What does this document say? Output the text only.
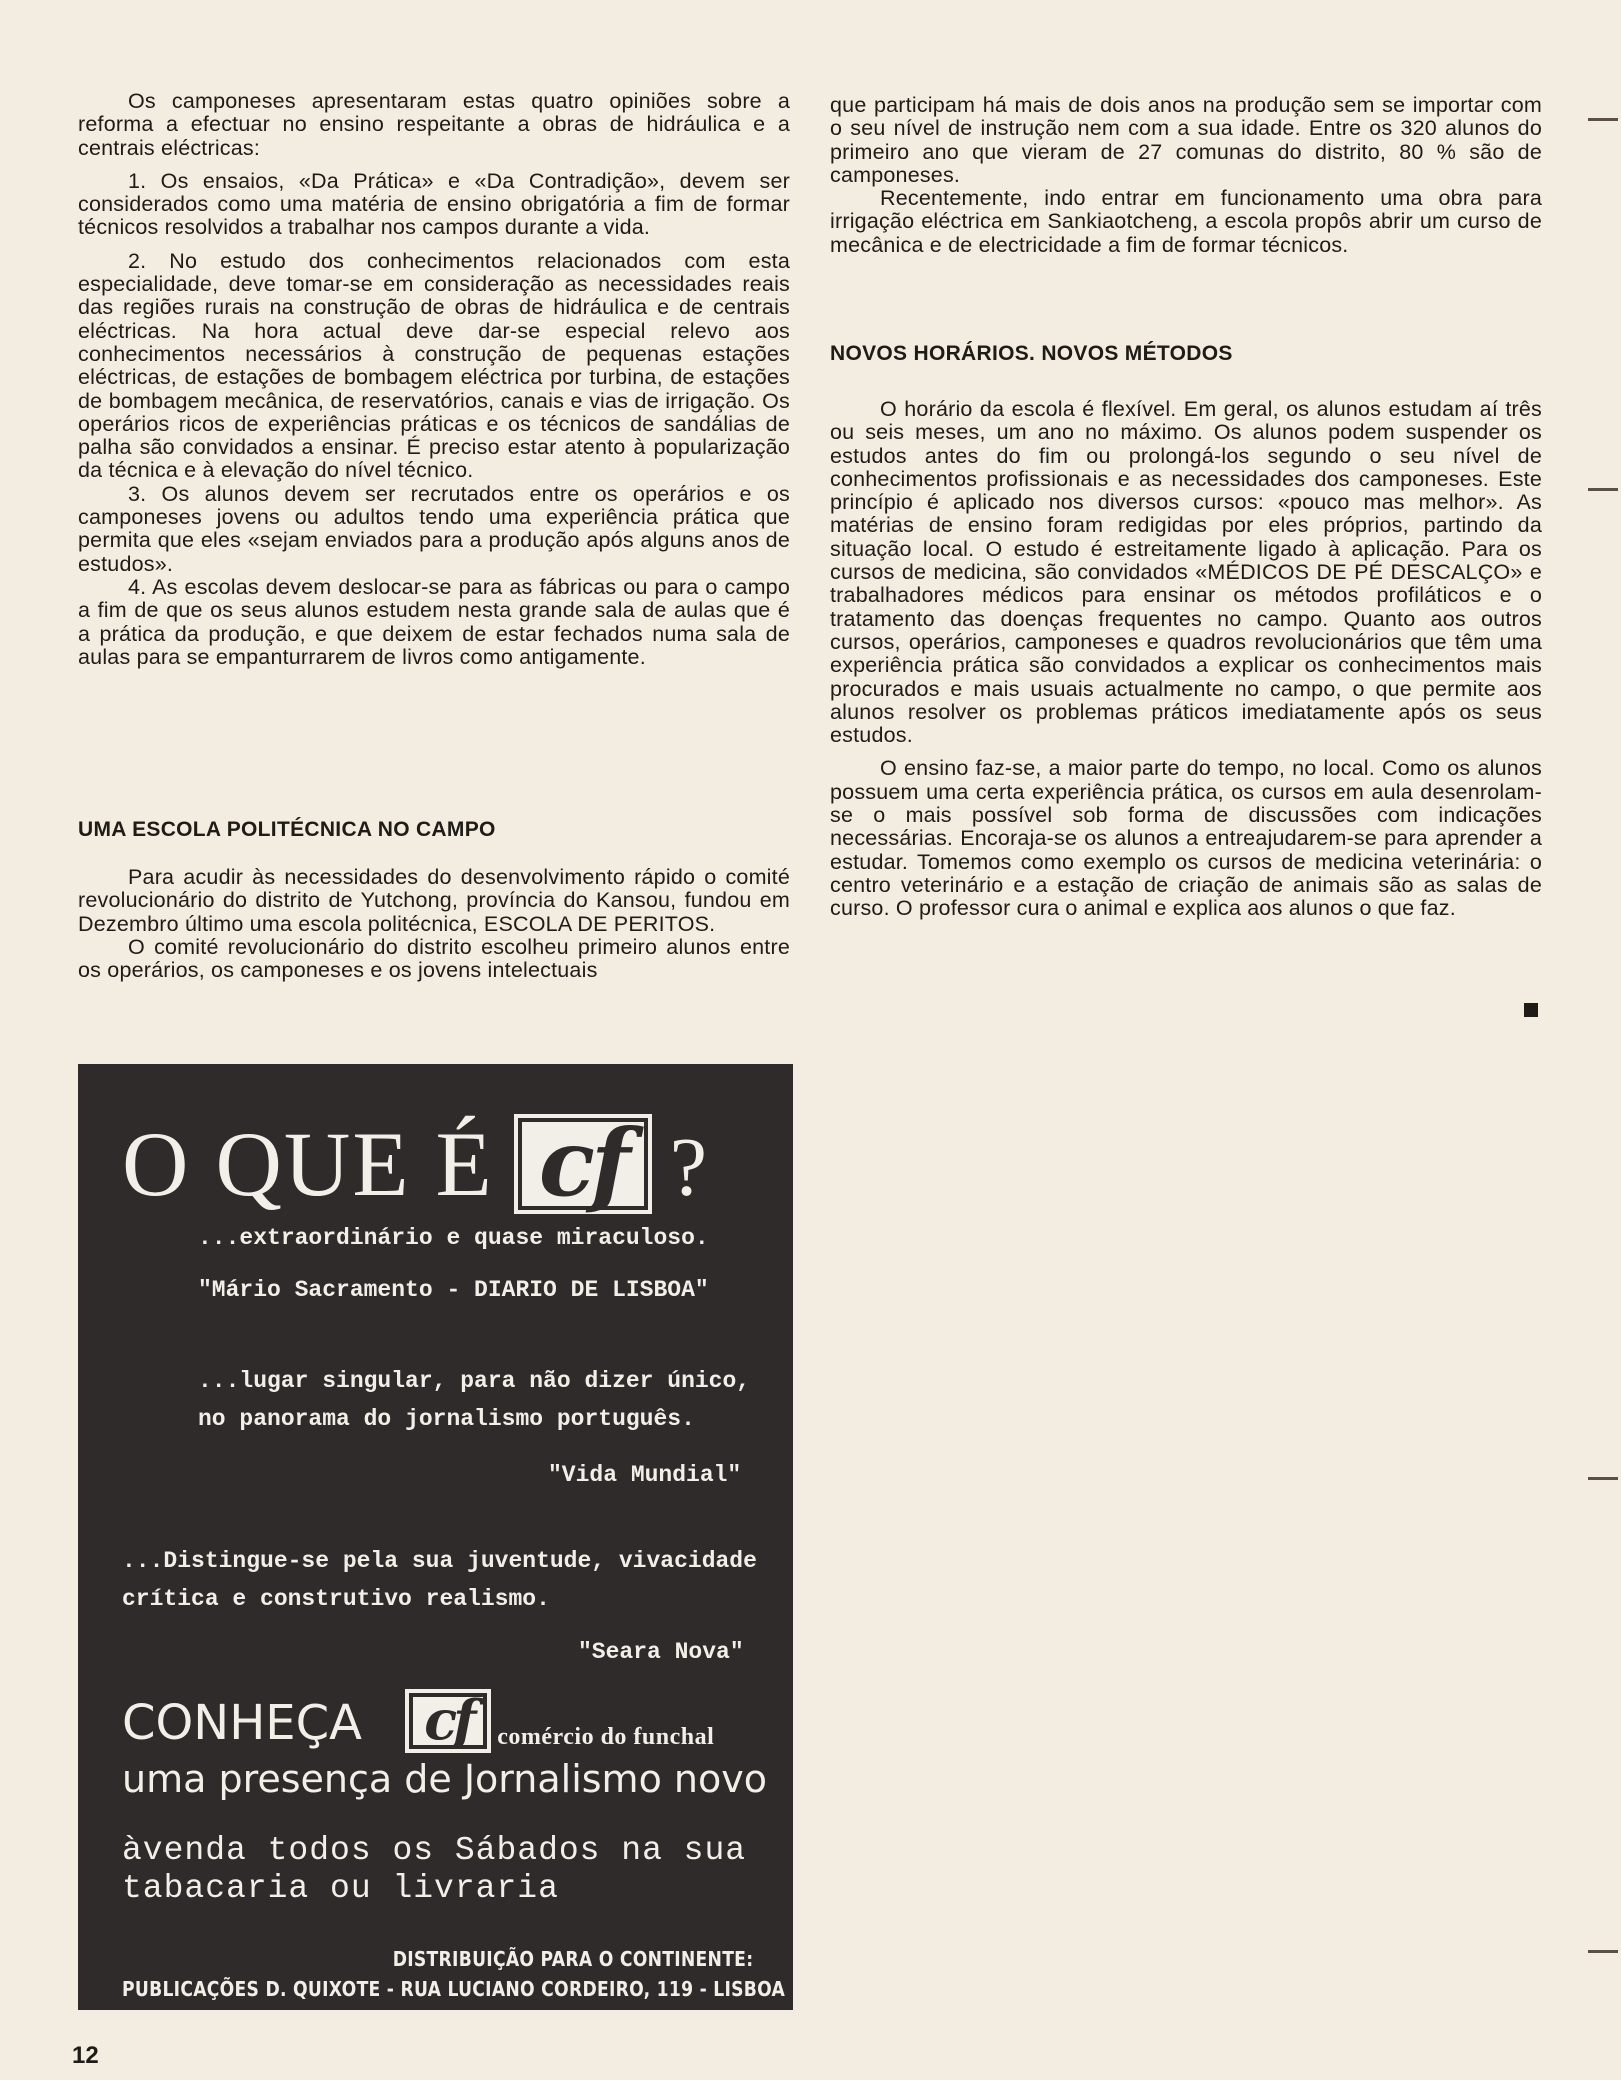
Os camponeses apresentaram estas quatro opiniões sobre a reforma a efectuar no ensino respeitante a obras de hidráulica e a centrais eléctricas:

1. Os ensaios, «Da Prática» e «Da Contradição», devem ser considerados como uma matéria de ensino obrigatória a fim de formar técnicos resolvidos a trabalhar nos campos durante a vida.

2. No estudo dos conhecimentos relacionados com esta especialidade, deve tomar-se em consideração as necessidades reais das regiões rurais na construção de obras de hidráulica e de centrais eléctricas. Na hora actual deve dar-se especial relevo aos conhecimentos necessários à construção de pequenas estações eléctricas, de estações de bombagem eléctrica por turbina, de estações de bombagem mecânica, de reservatórios, canais e vias de irrigação. Os operários ricos de experiências práticas e os técnicos de sandálias de palha são convidados a ensinar. É preciso estar atento à popularização da técnica e à elevação do nível técnico.

3. Os alunos devem ser recrutados entre os operários e os camponeses jovens ou adultos tendo uma experiência prática que permita que eles «sejam enviados para a produção após alguns anos de estudos».

4. As escolas devem deslocar-se para as fábricas ou para o campo a fim de que os seus alunos estudem nesta grande sala de aulas que é a prática da produção, e que deixem de estar fechados numa sala de aulas para se empanturrarem de livros como antigamente.

UMA ESCOLA POLITÉCNICA NO CAMPO

Para acudir às necessidades do desenvolvimento rápido o comité revolucionário do distrito de Yutchong, província do Kansou, fundou em Dezembro último uma escola politécnica, ESCOLA DE PERITOS.

O comité revolucionário do distrito escolheu primeiro alunos entre os operários, os camponeses e os jovens intelectuais

que participam há mais de dois anos na produção sem se importar com o seu nível de instrução nem com a sua idade. Entre os 320 alunos do primeiro ano que vieram de 27 comunas do distrito, 80 % são de camponeses.

Recentemente, indo entrar em funcionamento uma obra para irrigação eléctrica em Sankiaotcheng, a escola propôs abrir um curso de mecânica e de electricidade a fim de formar técnicos.

NOVOS HORÁRIOS. NOVOS MÉTODOS

O horário da escola é flexível. Em geral, os alunos estudam aí três ou seis meses, um ano no máximo. Os alunos podem suspender os estudos antes do fim ou prolongá-los segundo o seu nível de conhecimentos profissionais e as necessidades dos camponeses. Este princípio é aplicado nos diversos cursos: «pouco mas melhor». As matérias de ensino foram redigidas por eles próprios, partindo da situação local. O estudo é estreitamente ligado à aplicação. Para os cursos de medicina, são convidados «MÉDICOS DE PÉ DESCALÇO» e trabalhadores médicos para ensinar os métodos profiláticos e o tratamento das doenças frequentes no campo. Quanto aos outros cursos, operários, camponeses e quadros revolucionários que têm uma experiência prática são convidados a explicar os conhecimentos mais procurados e mais usuais actualmente no campo, o que permite aos alunos resolver os problemas práticos imediatamente após os seus estudos.

O ensino faz-se, a maior parte do tempo, no local. Como os alunos possuem uma certa experiência prática, os cursos em aula desenrolam-se o mais possível sob forma de discussões com indicações necessárias. Encoraja-se os alunos a entreajudarem-se para aprender a estudar. Tomemos como exemplo os cursos de medicina veterinária: o centro veterinário e a estação de criação de animais são as salas de curso. O professor cura o animal e explica aos alunos o que faz.

O QUE É cf ?
...extraordinário e quase miraculoso.
"Mário Sacramento - DIARIO DE LISBOA"
...lugar singular, para não dizer único,
no panorama do jornalismo português.
"Vida Mundial"
...Distingue-se pela sua juventude, vivacidade
crítica e construtivo realismo.
"Seara Nova"
CONHEÇA	cf	comércio do funchal
uma presença de Jornalismo novo
àvenda todos os Sábados na sua
tabacaria ou livraria
DISTRIBUIÇÃO PARA O CONTINENTE:
PUBLICAÇÕES D. QUIXOTE - RUA LUCIANO CORDEIRO, 119 - LISBOA
12
